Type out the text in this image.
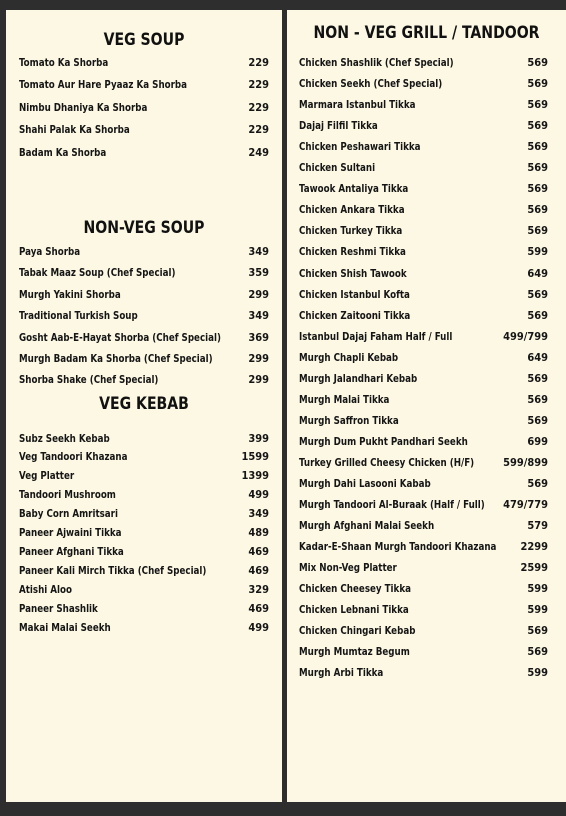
VEG SOUP
NON-VEG SOUP
VEG KEBAB
Tomato Ka Shorba	229
Tomato Aur Hare Pyaaz Ka Shorba	229
Nimbu Dhaniya Ka Shorba	229
Shahi Palak Ka Shorba	229
Badam Ka Shorba	249
Paya Shorba	349
Tabak Maaz Soup (Chef Special)	359
Murgh Yakini Shorba	299
Traditional Turkish Soup	349
Gosht Aab-E-Hayat Shorba (Chef Special) 369
Murgh Badam Ka Shorba (Chef Special)	299
Shorba Shake (Chef Special)	299
Subz Seekh Kebab	399
Veg Tandoori Khazana	1599
Veg Platter	1399
Tandoori Mushroom	499
Baby Corn Amritsari	349
Paneer Ajwaini Tikka	489
Paneer Afghani Tikka	469
Paneer Kali Mirch Tikka (Chef Special)	469
Atishi Aloo	329
Paneer Shashlik	469
Makai Malai Seekh	499
NON - VEG GRILL / TANDOOR
Chicken Shashlik (Chef Special)	569
Chicken Seekh (Chef Special)	569
Marmara Istanbul Tikka	569
Dajaj Filfil Tikka	569
Chicken Peshawari Tikka	569
Chicken Sultani	569
Tawook Antaliya Tikka	569
Chicken Ankara Tikka	569
Chicken Turkey Tikka	569
Chicken Reshmi Tikka	599
Chicken Shish Tawook	649
Chicken Istanbul Kofta	569
Chicken Zaitooni Tikka	569
Istanbul Dajaj Faham Half / Full	499/799
Murgh Chapli Kebab	649
Murgh Jalandhari Kebab	569
Murgh Malai Tikka	569
Murgh Saffron Tikka	569
Murgh Dum Pukht Pandhari Seekh	699
Turkey Grilled Cheesy Chicken (H/F)	599/899
Murgh Dahi Lasooni Kabab	569
Murgh Tandoori Al-Buraak (Half / Full) 479/779
Murgh Afghani Malai Seekh	579
Kadar-E-Shaan Murgh Tandoori Khazana 2299
Mix Non-Veg Platter	2599
Chicken Cheesey Tikka	599
Chicken Lebnani Tikka	599
Chicken Chingari Kebab	569
Murgh Mumtaz Begum	569
Murgh Arbi Tikka	599
